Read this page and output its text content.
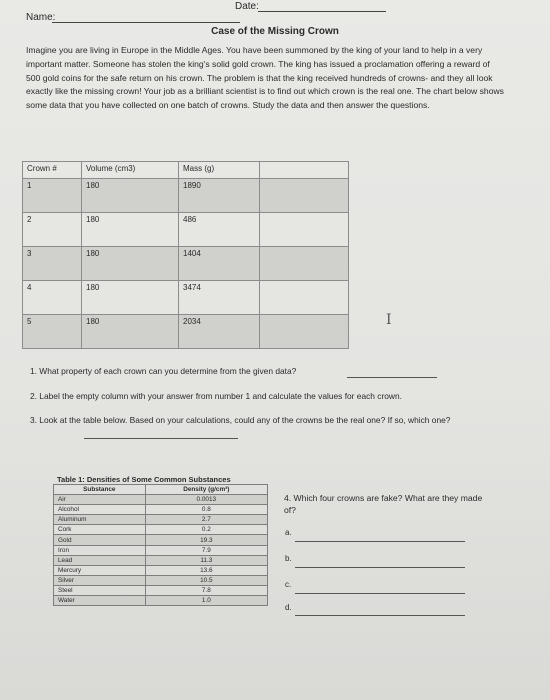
Name:
Date:
Case of the Missing Crown
Imagine you are living in Europe in the Middle Ages. You have been summoned by the king of your land to help in a very important matter. Someone has stolen the king's solid gold crown. The king has issued a proclamation offering a reward of 500 gold coins for the safe return on his crown. The problem is that the king received hundreds of crowns- and they all look exactly like the missing crown! Your job as a brilliant scientist is to find out which crown is the real one. The chart below shows some data that you have collected on one batch of crowns. Study the data and then answer the questions.
Crown #	Volume (cm3)	Mass (g)	
1	180	1890	
2	180	486	
3	180	1404	
4	180	3474	
5	180	2034		I
1. What property of each crown can you determine from the given data?
2. Label the empty column with your answer from number 1 and calculate the values for each crown.
3. Look at the table below. Based on your calculations, could any of the crowns be the real one? If so, which one?
Table 1: Densities of Some Common Substances
Substance	Density (g/cm³)
Air	0.0013
Alcohol	0.8
Aluminum	2.7
Cork	0.2
Gold	19.3
Iron	7.9
Lead	11.3
Mercury	13.6
Silver	10.5
Steel	7.8
Water	1.0
4. Which four crowns are fake? What are they made of?
a.
b.
c.
d.
